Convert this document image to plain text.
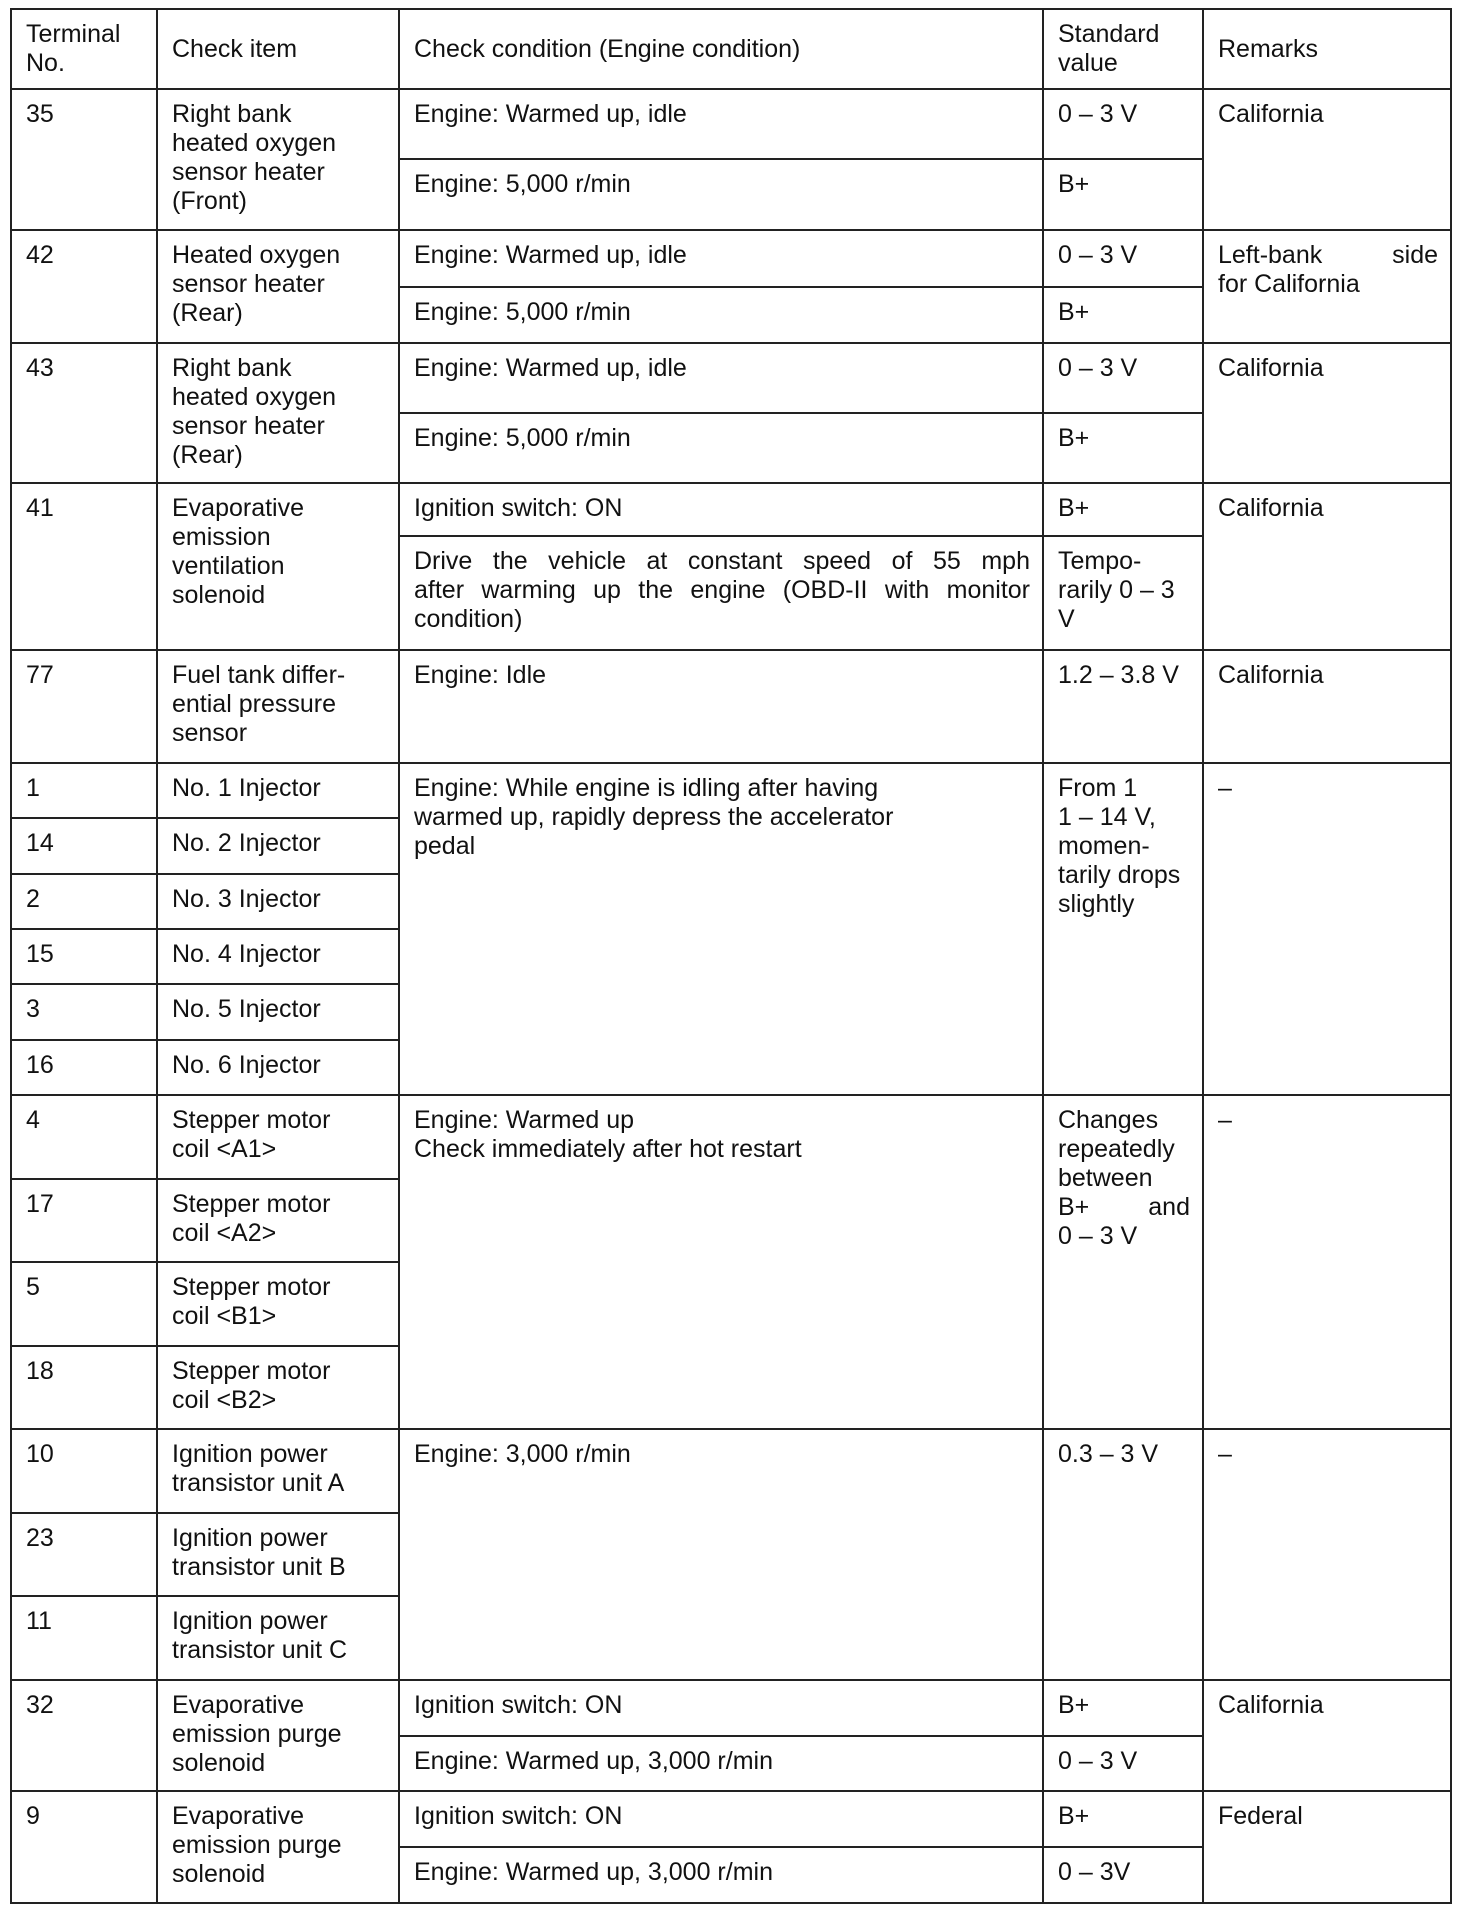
Terminal
No.	Check item	Check condition (Engine condition)	Standard
value	Remarks
35	Right bank
heated oxygen
sensor heater
(Front)	Engine: Warmed up, idle	0 – 3 V	California

		Engine: 5,000 r/min	B+	

42	Heated oxygen
sensor heater
(Rear)	Engine: Warmed up, idle	0 – 3 V	Left-bank side
for California

		Engine: 5,000 r/min	B+	

43	Right bank
heated oxygen
sensor heater
(Rear)	Engine: Warmed up, idle	0 – 3 V	California

		Engine: 5,000 r/min	B+	

41	Evaporative
emission
ventilation
solenoid	Ignition switch: ON	B+	California

		Drive the vehicle at constant speed of 55 mph
after warming up the engine (OBD-II with monitor
condition)	Tempo-
rarily 0 – 3
V	

77	Fuel tank differ-
ential pressure
sensor	Engine: Idle	1.2 – 3.8 V	California

1	No. 1 Injector	Engine: While engine is idling after having
warmed up, rapidly depress the accelerator
pedal	From 1
1 – 14 V,
momen-
tarily drops
slightly	–

14	No. 2 Injector			

2	No. 3 Injector			

15	No. 4 Injector			

3	No. 5 Injector			

16	No. 6 Injector			

4	Stepper motor
coil <A1>	Engine: Warmed up
Check immediately after hot restart	Changes
repeatedly
between
B+ and
0 – 3 V	–

17	Stepper motor
coil <A2>			

5	Stepper motor
coil <B1>			

18	Stepper motor
coil <B2>			

10	Ignition power
transistor unit A	Engine: 3,000 r/min	0.3 – 3 V	–

23	Ignition power
transistor unit B			

11	Ignition power
transistor unit C			

32	Evaporative
emission purge
solenoid	Ignition switch: ON	B+	California

		Engine: Warmed up, 3,000 r/min	0 – 3 V	

9	Evaporative
emission purge
solenoid	Ignition switch: ON	B+	Federal

		Engine: Warmed up, 3,000 r/min	0 – 3V	
